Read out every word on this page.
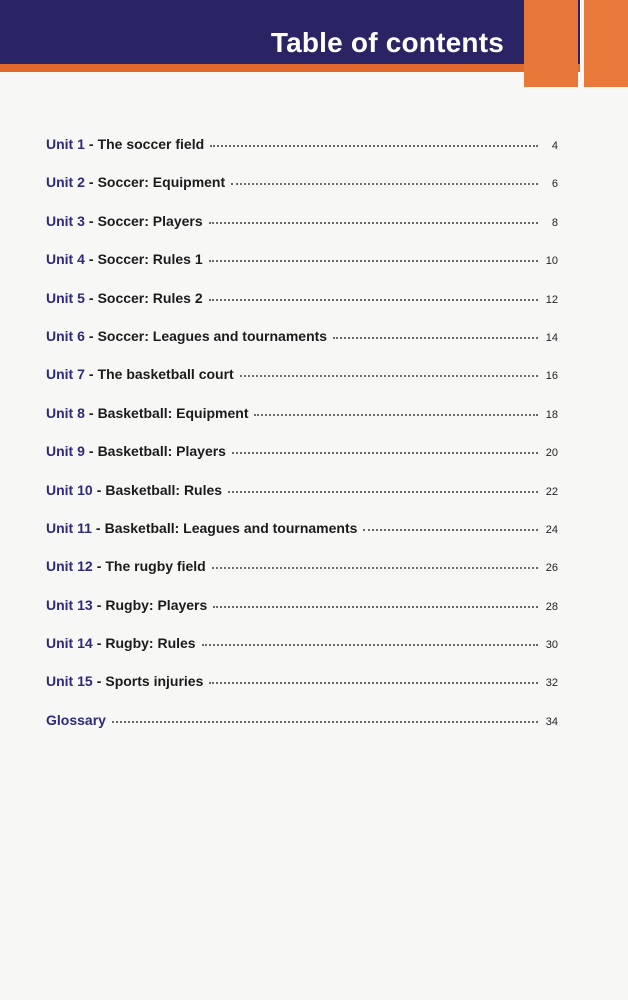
Table of contents
Unit 1 - The soccer field	4
Unit 2 - Soccer: Equipment	6
Unit 3 - Soccer: Players	8
Unit 4 - Soccer: Rules 1	10
Unit 5 - Soccer: Rules 2	12
Unit 6 - Soccer: Leagues and tournaments	14
Unit 7 - The basketball court	16
Unit 8 - Basketball: Equipment	18
Unit 9 - Basketball: Players	20
Unit 10 - Basketball: Rules	22
Unit 11 - Basketball: Leagues and tournaments	24
Unit 12 - The rugby field	26
Unit 13 - Rugby: Players	28
Unit 14 - Rugby: Rules	30
Unit 15 - Sports injuries	32
Glossary	34
